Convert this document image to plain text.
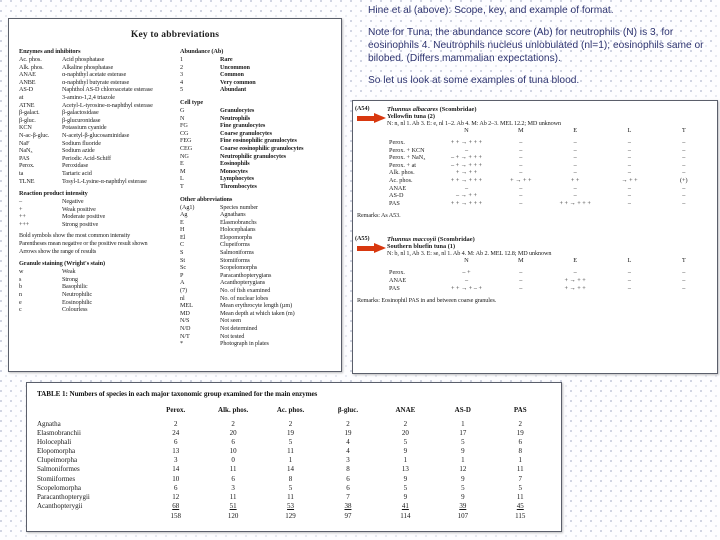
Key to abbreviations
Enzymes and inhibitors
Ac. phos.	Acid phosphatase
Alk. phos.	Alkaline phosphatase
ANAE	α-naphthyl acetate esterase
ANBE	α-naphthyl butyrate esterase
AS-D	Naphthol AS-D chloroacetate esterase
at	3-amino-1,2,4 triazole
ATNE	Acetyl-L-tyrosine-α-naphthyl esterase
β-galact.	β-galactosidase
β-gluc.	β-glucuronidase
KCN	Potassium cyanide
N-ac-β-gluc.	N-acetyl-β-glucosaminidase
NaF	Sodium fluoride
NaN₃	Sodium azide
PAS	Periodic Acid-Schiff
Perox.	Peroxidase
ta	Tartaric acid
TLNE	Tosyl-L-Lysine-α-naphthyl esterase
Reaction product intensity
–	Negative
+	Weak positive
++	Moderate positive
+++	Strong positive
Bold symbols show the most common intensity
Parentheses mean negative or the positive result shown
Arrows show the range of results
Granule staining (Wright's stain)
w	Weak
s	Strong
b	Basophilic
n	Neutrophilic
e	Eosinophilic
c	Colourless
Abundance (Ab)
1	Rare
2	Uncommon
3	Common
4	Very common
5	Abundant
Cell type
G	Granulocytes
N	Neutrophils
FG	Fine granulocytes
CG	Coarse granulocytes
FEG	Fine eosinophilic granulocytes
CEG	Coarse eosinophilic granulocytes
NG	Neutrophilic granulocytes
E	Eosinophils
M	Monocytes
L	Lymphocytes
T	Thrombocytes
Other abbreviations
(Ag1)	Species number
Ag	Agnathans
E	Elasmobranchs
H	Holocephalans
El	Elopomorphs
C	Clupeiforms
S	Salmoniforms
St	Stomiiforms
Sc	Scopelomorphs
P	Paracanthopterygians
A	Acanthopterygians
(7)	No. of fish examined
nl	No. of nuclear lobes
MEL	Mean erythrocyte length (µm)
MD	Mean depth at which taken (m)
N/S	Not seen
N/D	Not determined
N/T	Not tested
*	Photograph in plates
(A54)	Thunnus albacares (Scombridae)
Yellowfin tuna (2)
N: n, nl 1. Ab 3. E: e, nl 1–2. Ab 4. M: Ab 2–3. MEL 12.2; MD unknown
	N	M	E	L	T
Perox.	+ + → + + +	–	–	–	–
Perox. + KCN	–	–	–	–	–
Perox. + NaN₃	– + → + + +	–	–	–	–
Perox. + at	– + → + + +	–	–	–	–
Alk. phos.	+ → + +	–	–	–	–
Ac. phos.	+ + → + + +	+ → + +	+ +	→ + +	(+)
ANAE	–	–	–	–	–
AS-D	– → + +	–	–	–	–
PAS	+ + → + + +	–	+ + → + + +	–	–
Remarks: As A53.
(A55)	Thunnus maccoyii (Scombridae)
Southern bluefin tuna (1)
N: b, nl 1, Ab 3. E: se, nl 1. Ab 4. M: Ab 2. MEL 12.8; MD unknown
	N	M	E	L	T
Perox.	– +	–	–	–	–
ANAE	–	–	+ → + +	–	–
PAS	+ + → + – +	–	+ → + +	–	–
Remarks: Eosinophil PAS in and between coarse granules.
TABLE 1: Numbers of species in each major taxonomic group examined for the main enzymes
	Perox.	Alk. phos.	Ac. phos.	β-gluc.	ANAE	AS-D	PAS
Agnatha	2	2	2	2	2	1	2
Elasmobranchii	24	20	19	19	20	17	19
Holocephali	6	6	5	4	5	5	6
Elopomorpha	13	10	11	4	9	9	8
Clupeimorpha	3	0	1	3	1	1	1
Salmoniformes	14	11	14	8	13	12	11
Stomiiformes	10	6	8	6	9	9	7
Scopelomorpha	6	3	5	6	5	5	5
Paracanthopterygii	12	11	11	7	9	9	11
Acanthopterygii	68	51	53	38	41	39	45
	158	120	129	97	114	107	115

Hine et al (above): Scope, key, and example of format.

Note for Tuna, the abundance score (Ab) for neutrophils (N) is 3, for eosinophils 4. Neutrophils nucleus unlobulated (nl=1); eosinophils same or bilobed. (Differs mammalian expectations).

So let us look at some examples of tuna blood.
